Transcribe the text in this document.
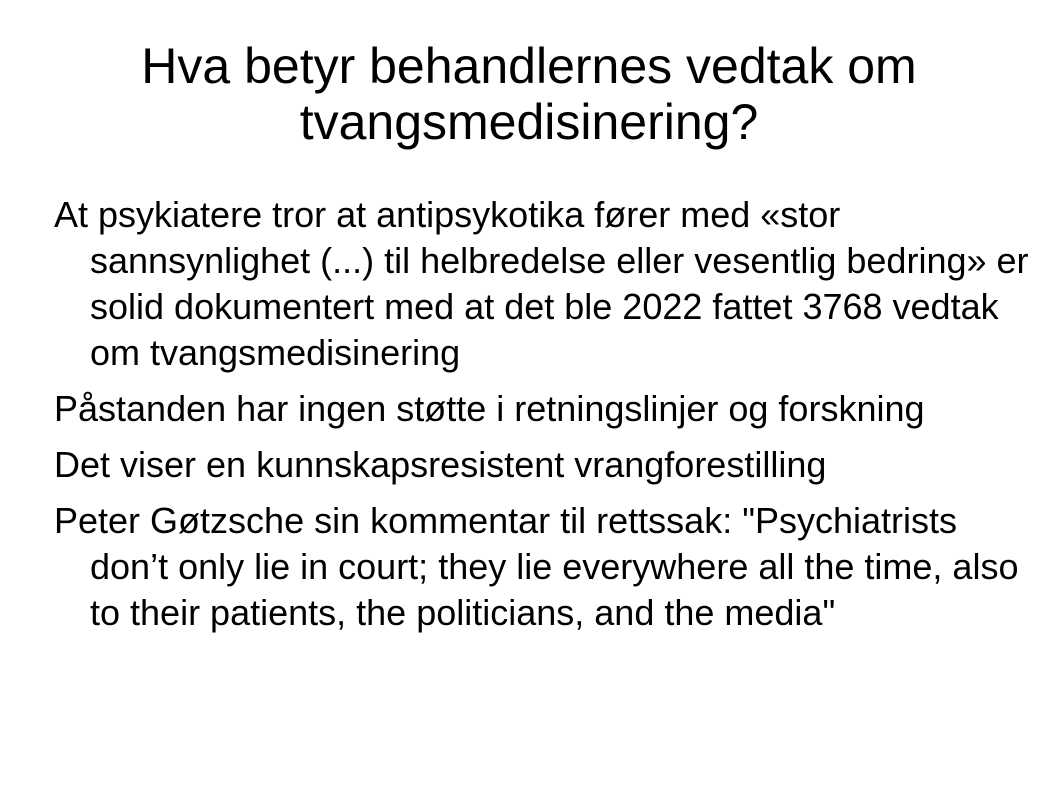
Hva betyr behandlernes vedtak om
tvangsmedisinering?
At psykiatere tror at antipsykotika fører med «stor sannsynlighet (...) til helbredelse eller vesentlig bedring» er solid dokumentert med at det ble 2022 fattet 3768 vedtak om tvangsmedisinering
Påstanden har ingen støtte i retningslinjer og forskning
Det viser en kunnskapsresistent vrangforestilling
Peter Gøtzsche sin kommentar til rettssak: "Psychiatrists don’t only lie in court; they lie everywhere all the time, also to their patients, the politicians, and the media"
